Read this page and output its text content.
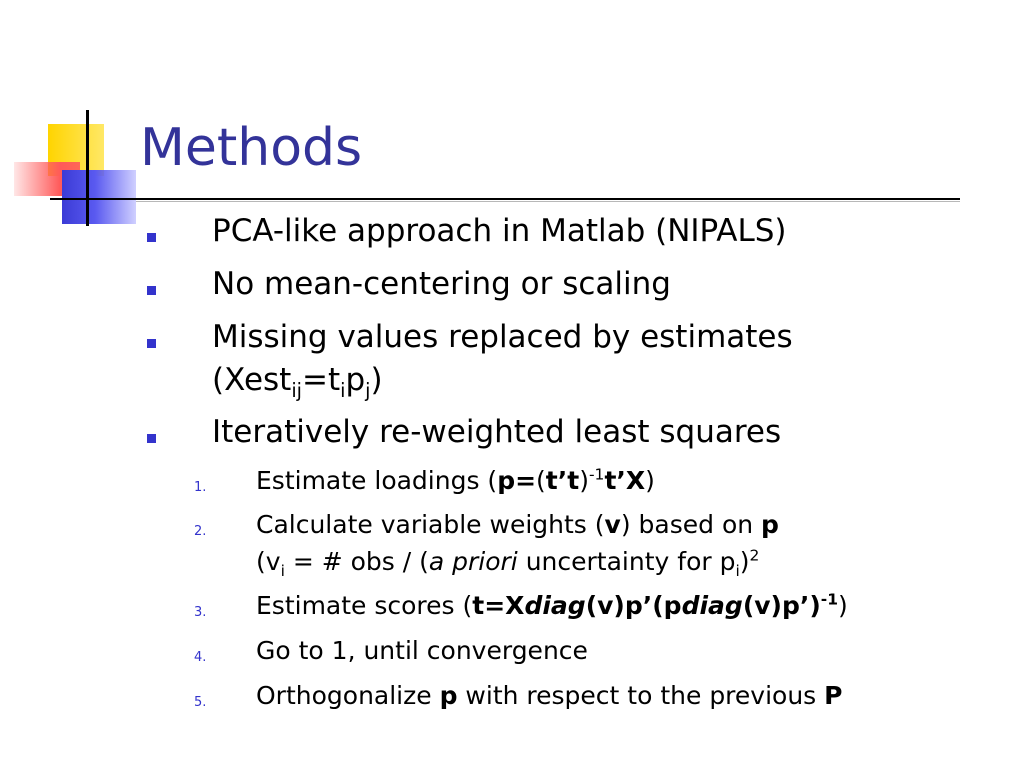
Methods
PCA-like approach in Matlab (NIPALS)
No mean-centering or scaling
Missing values replaced by estimates
$(Xest_{ij}=t_ip_j)$
Iteratively re-weighted least squares
1. Estimate loadings (p=(t’t)$^{-1}$t’X)
2. Calculate variable weights (v) based on p
($v_i$ = # obs / (a priori uncertainty for $p_i)^2$
3. Estimate scores (t=Xdiag(v)p’(pdiag(v)p’)$^{-1}$)
4. Go to 1, until convergence
5. Orthogonalize p with respect to the previous P
